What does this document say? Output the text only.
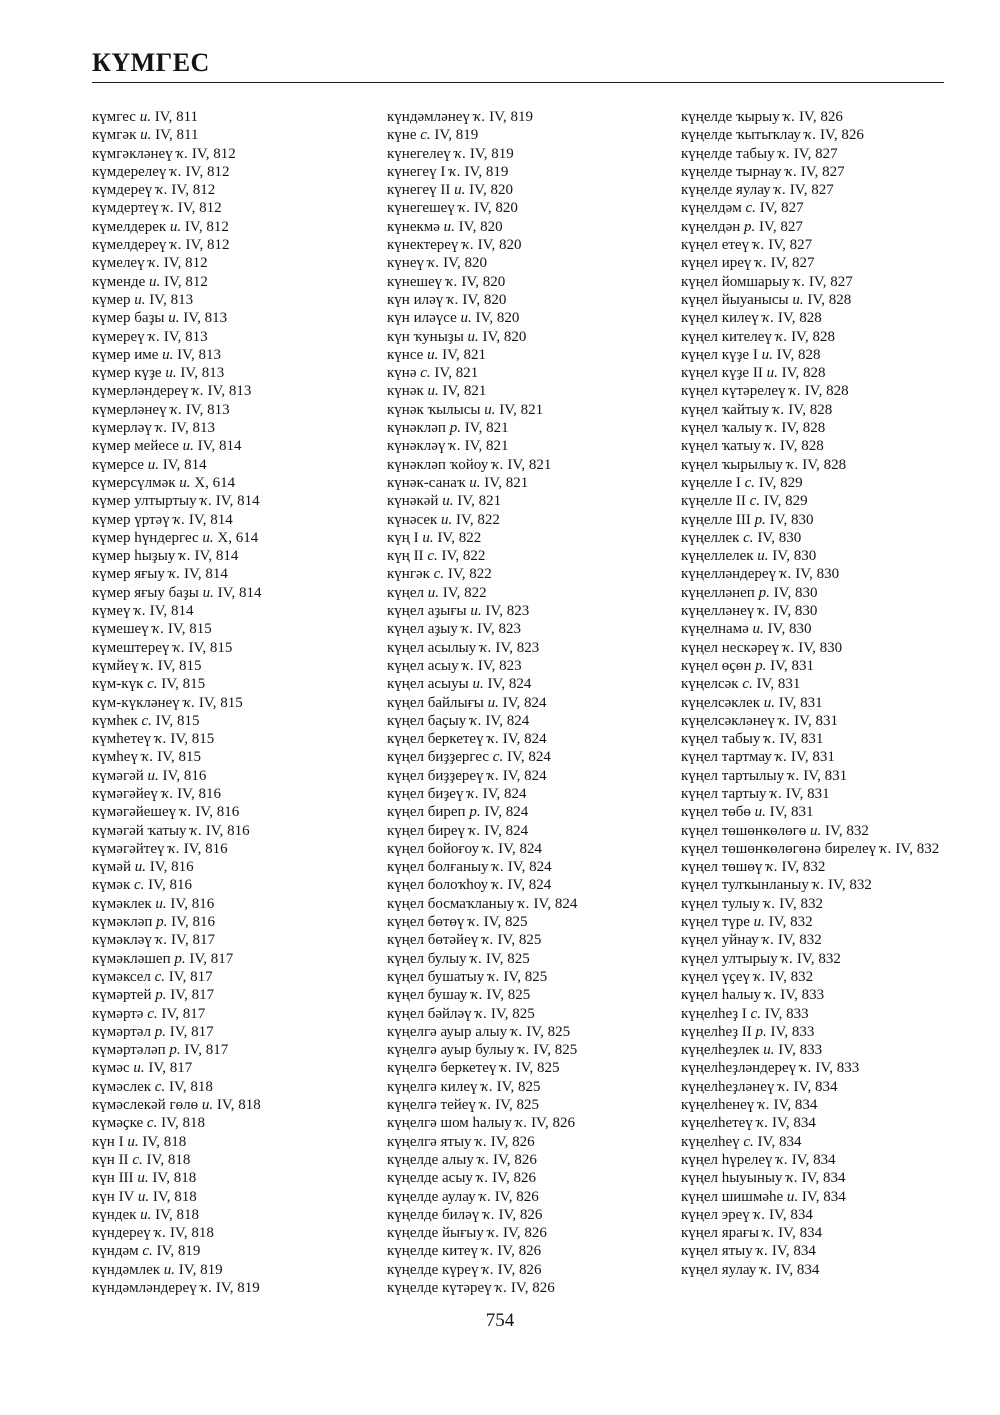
КҮМГЕС
күмгес и. IV, 811
күмгәк и. IV, 811
күмгәкләнеү ҡ. IV, 812
күмдерелеү ҡ. IV, 812
күмдереү ҡ. IV, 812
күмдертеү ҡ. IV, 812
күмелдерек и. IV, 812
күмелдереү ҡ. IV, 812
күмелеү ҡ. IV, 812
күменде и. IV, 812
күмер и. IV, 813
күмер баҙы и. IV, 813
күмереү ҡ. IV, 813
күмер име и. IV, 813
күмер күҙе и. IV, 813
күмерләндереү ҡ. IV, 813
күмерләнеү ҡ. IV, 813
күмерләү ҡ. IV, 813
күмер мейесе и. IV, 814
күмерсе и. IV, 814
күмерсүлмәк и. X, 614
күмер ултыртыу ҡ. IV, 814
күмер үртәү ҡ. IV, 814
күмер һүндергес и. X, 614
күмер һыҙыу ҡ. IV, 814
күмер яғыу ҡ. IV, 814
күмер яғыу баҙы и. IV, 814
күмеү ҡ. IV, 814
күмешеү ҡ. IV, 815
күмештереү ҡ. IV, 815
күмйеү ҡ. IV, 815
күм-күк с. IV, 815
күм-күкләнеү ҡ. IV, 815
күмһек с. IV, 815
күмһетеү ҡ. IV, 815
күмһеү ҡ. IV, 815
күмәгәй и. IV, 816
күмәгәйеү ҡ. IV, 816
күмәгәйешеү ҡ. IV, 816
күмәгәй ҡатыу ҡ. IV, 816
күмәгәйтеү ҡ. IV, 816
күмәй и. IV, 816
күмәк с. IV, 816
күмәклек и. IV, 816
күмәкләп р. IV, 816
күмәкләү ҡ. IV, 817
күмәкләшеп р. IV, 817
күмәксел с. IV, 817
күмәртей р. IV, 817
күмәртә с. IV, 817
күмәртәл р. IV, 817
күмәртәләп р. IV, 817
күмәс и. IV, 817
күмәслек с. IV, 818
күмәслекәй гөлө и. IV, 818
күмәҫке с. IV, 818
күн I и. IV, 818
күн II с. IV, 818
күн III и. IV, 818
күн IV и. IV, 818
күндек и. IV, 818
күндереү ҡ. IV, 818
күндәм с. IV, 819
күндәмлек и. IV, 819
күндәмләндереү ҡ. IV, 819
күндәмләнеү ҡ. IV, 819
күне с. IV, 819
күнегелеү ҡ. IV, 819
күнегеү I ҡ. IV, 819
күнегеү II и. IV, 820
күнегешеү ҡ. IV, 820
күнекмә и. IV, 820
күнектереү ҡ. IV, 820
күнеү ҡ. IV, 820
күнешеү ҡ. IV, 820
күн иләү ҡ. IV, 820
күн иләүсе и. IV, 820
күн ҡуныҙы и. IV, 820
күнсе и. IV, 821
күнә с. IV, 821
күнәк и. IV, 821
күнәк ҡылысы и. IV, 821
күнәкләп р. IV, 821
күнәкләү ҡ. IV, 821
күнәкләп ҡойоу ҡ. IV, 821
күнәк-санаҡ и. IV, 821
күнәкәй и. IV, 821
күнәсек и. IV, 822
күң I и. IV, 822
күң II с. IV, 822
күнгәк с. IV, 822
күңел и. IV, 822
күңел аҙығы и. IV, 823
күңел аҙыу ҡ. IV, 823
күңел асылыу ҡ. IV, 823
күңел асыу ҡ. IV, 823
күңел асыуы и. IV, 824
күңел байлығы и. IV, 824
күңел баҫыу ҡ. IV, 824
күңел беркетеү ҡ. IV, 824
күңел биҙҙергес с. IV, 824
күңел биҙҙереү ҡ. IV, 824
күңел биҙеү ҡ. IV, 824
күңел биреп р. IV, 824
күңел биреү ҡ. IV, 824
күңел бойоғоу ҡ. IV, 824
күңел болғаныу ҡ. IV, 824
күңел болоҡһоу ҡ. IV, 824
күңел босмаҡланыу ҡ. IV, 824
күңел бөтөү ҡ. IV, 825
күңел бөтәйеү ҡ. IV, 825
күңел булыу ҡ. IV, 825
күңел бушатыу ҡ. IV, 825
күңел бушау ҡ. IV, 825
күңел бәйләү ҡ. IV, 825
күңелгә ауыр алыу ҡ. IV, 825
күңелгә ауыр булыу ҡ. IV, 825
күңелгә беркетеү ҡ. IV, 825
күңелгә килеү ҡ. IV, 825
күңелгә тейеү ҡ. IV, 825
күңелгә шом һалыу ҡ. IV, 826
күңелгә ятыу ҡ. IV, 826
күңелде алыу ҡ. IV, 826
күңелде асыу ҡ. IV, 826
күңелде аулау ҡ. IV, 826
күңелде биләү ҡ. IV, 826
күңелде йығыу ҡ. IV, 826
күңелде китеү ҡ. IV, 826
күңелде күреү ҡ. IV, 826
күңелде күтәреү ҡ. IV, 826
күңелде ҡырыу ҡ. IV, 826
күңелде ҡытыҡлау ҡ. IV, 826
күңелде табыу ҡ. IV, 827
күңелде тырнау ҡ. IV, 827
күңелде яулау ҡ. IV, 827
күңелдәм с. IV, 827
күңелдән р. IV, 827
күңел етеү ҡ. IV, 827
күңел иреү ҡ. IV, 827
күңел йомшарыу ҡ. IV, 827
күңел йыуанысы и. IV, 828
күңел килеү ҡ. IV, 828
күңел кителеү ҡ. IV, 828
күңел күҙе I и. IV, 828
күңел күҙе II и. IV, 828
күңел күтәрелеү ҡ. IV, 828
күңел ҡайтыу ҡ. IV, 828
күңел ҡалыу ҡ. IV, 828
күңел ҡатыу ҡ. IV, 828
күңел ҡырылыу ҡ. IV, 828
күңелле I с. IV, 829
күңелле II с. IV, 829
күңелле III р. IV, 830
күңеллек с. IV, 830
күңеллелек и. IV, 830
күңелләндереү ҡ. IV, 830
күңелләнеп р. IV, 830
күңелләнеү ҡ. IV, 830
күңелнамә и. IV, 830
күңел нескәреү ҡ. IV, 830
күңел өҫөн р. IV, 831
күңелсәк с. IV, 831
күңелсәклек и. IV, 831
күңелсәкләнеү ҡ. IV, 831
күңел табыу ҡ. IV, 831
күңел тартмау ҡ. IV, 831
күңел тартылыу ҡ. IV, 831
күңел тартыу ҡ. IV, 831
күңел төбө и. IV, 831
күңел төшөнкөлөгө и. IV, 832
күңел төшөнкөлөгөнә бирелеү ҡ. IV, 832
күңел төшөү ҡ. IV, 832
күңел тулҡынланыу ҡ. IV, 832
күңел тулыу ҡ. IV, 832
күңел түре и. IV, 832
күңел уйнау ҡ. IV, 832
күңел ултырыу ҡ. IV, 832
күңел үҫеү ҡ. IV, 832
күңел һалыу ҡ. IV, 833
күңелһеҙ I с. IV, 833
күңелһеҙ II р. IV, 833
күңелһеҙлек и. IV, 833
күңелһеҙләндереү ҡ. IV, 833
күңелһеҙләнеү ҡ. IV, 834
күңелһенеү ҡ. IV, 834
күңелһетеү ҡ. IV, 834
күңелһеү с. IV, 834
күңел һүрелеү ҡ. IV, 834
күңел һыуыныу ҡ. IV, 834
күңел шишмәһе и. IV, 834
күңел эреү ҡ. IV, 834
күңел ярағы ҡ. IV, 834
күңел ятыу ҡ. IV, 834
күңел яулау ҡ. IV, 834
754
